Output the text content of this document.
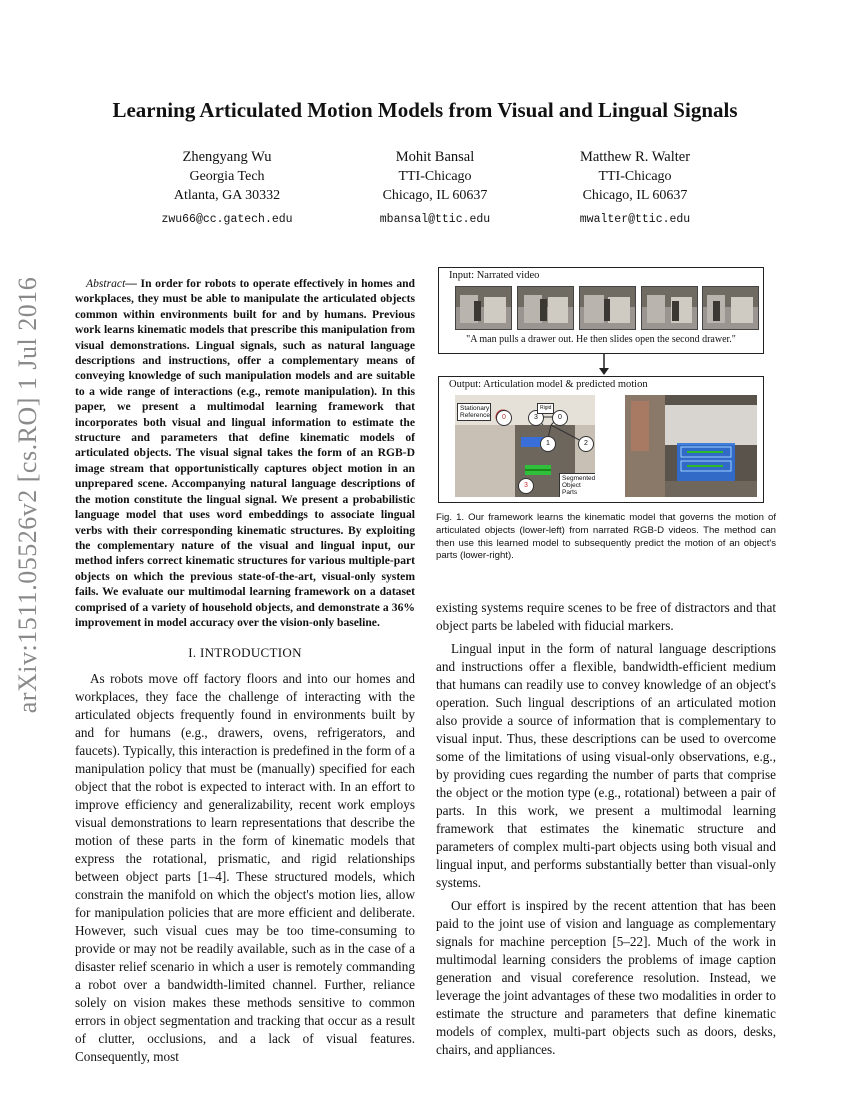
arXiv:1511.05526v2 [cs.RO] 1 Jul 2016
Learning Articulated Motion Models from Visual and Lingual Signals
Zhengyang Wu
Georgia Tech
Atlanta, GA 30332
zwu66@cc.gatech.edu
Mohit Bansal
TTI-Chicago
Chicago, IL 60637
mbansal@ttic.edu
Matthew R. Walter
TTI-Chicago
Chicago, IL 60637
mwalter@ttic.edu
Abstract— In order for robots to operate effectively in homes and workplaces, they must be able to manipulate the articulated objects common within environments built for and by humans. Previous work learns kinematic models that prescribe this manipulation from visual demonstrations. Lingual signals, such as natural language descriptions and instructions, offer a complementary means of conveying knowledge of such manipulation models and are suitable to a wide range of interactions (e.g., remote manipulation). In this paper, we present a multimodal learning framework that incorporates both visual and lingual information to estimate the structure and parameters that define kinematic models of articulated objects. The visual signal takes the form of an RGB-D image stream that opportunistically captures object motion in an unprepared scene. Accompanying natural language descriptions of the motion constitute the lingual signal. We present a probabilistic language model that uses word embeddings to associate lingual verbs with their corresponding kinematic structures. By exploiting the complementary nature of the visual and lingual input, our method infers correct kinematic structures for various multiple-part objects on which the previous state-of-the-art, visual-only system fails. We evaluate our multimodal learning framework on a dataset comprised of a variety of household objects, and demonstrate a 36% improvement in model accuracy over the vision-only baseline.
I. INTRODUCTION

As robots move off factory floors and into our homes and workplaces, they face the challenge of interacting with the articulated objects frequently found in environments built by and for humans (e.g., drawers, ovens, refrigerators, and faucets). Typically, this interaction is predefined in the form of a manipulation policy that must be (manually) specified for each object that the robot is expected to interact with. In an effort to improve efficiency and generalizability, recent work employs visual demonstrations to learn representations that describe the motion of these parts in the form of kinematic models that express the rotational, prismatic, and rigid relationships between object parts [1–4]. These structured models, which constrain the manifold on which the object's motion lies, allow for manipulation policies that are more efficient and deliberate. However, such visual cues may be too time-consuming to provide or may not be readily available, such as in the case of a disaster relief scenario in which a user is remotely commanding a robot over a bandwidth-limited channel. Further, reliance solely on vision makes these methods sensitive to common errors in object segmentation and tracking that occur as a result of clutter, occlusions, and a lack of visual features. Consequently, most

Input: Narrated video
"A man pulls a drawer out. He then slides open the second drawer."
Output: Articulation model & predicted motion
Stationary Reference	0	3	0
1	2
3
Rigid
Segmented Object Parts
Fig. 1. Our framework learns the kinematic model that governs the motion of articulated objects (lower-left) from narrated RGB-D videos. The method can then use this learned model to subsequently predict the motion of an object's parts (lower-right).

existing systems require scenes to be free of distractors and that object parts be labeled with fiducial markers.

Lingual input in the form of natural language descriptions and instructions offer a flexible, bandwidth-efficient medium that humans can readily use to convey knowledge of an object's operation. Such lingual descriptions of an articulated motion also provide a source of information that is complementary to visual input. Thus, these descriptions can be used to overcome some of the limitations of using visual-only observations, e.g., by providing cues regarding the number of parts that comprise the object or the motion type (e.g., rotational) between a pair of parts. In this work, we present a multimodal learning framework that estimates the kinematic structure and parameters of complex multi-part objects using both visual and lingual input, and performs substantially better than visual-only systems.

Our effort is inspired by the recent attention that has been paid to the joint use of vision and language as complementary signals for machine perception [5–22]. Much of the work in multimodal learning considers the problems of image caption generation and visual coreference resolution. Instead, we leverage the joint advantages of these two modalities in order to estimate the structure and parameters that define kinematic models of complex, multi-part objects such as doors, desks, chairs, and appliances.
